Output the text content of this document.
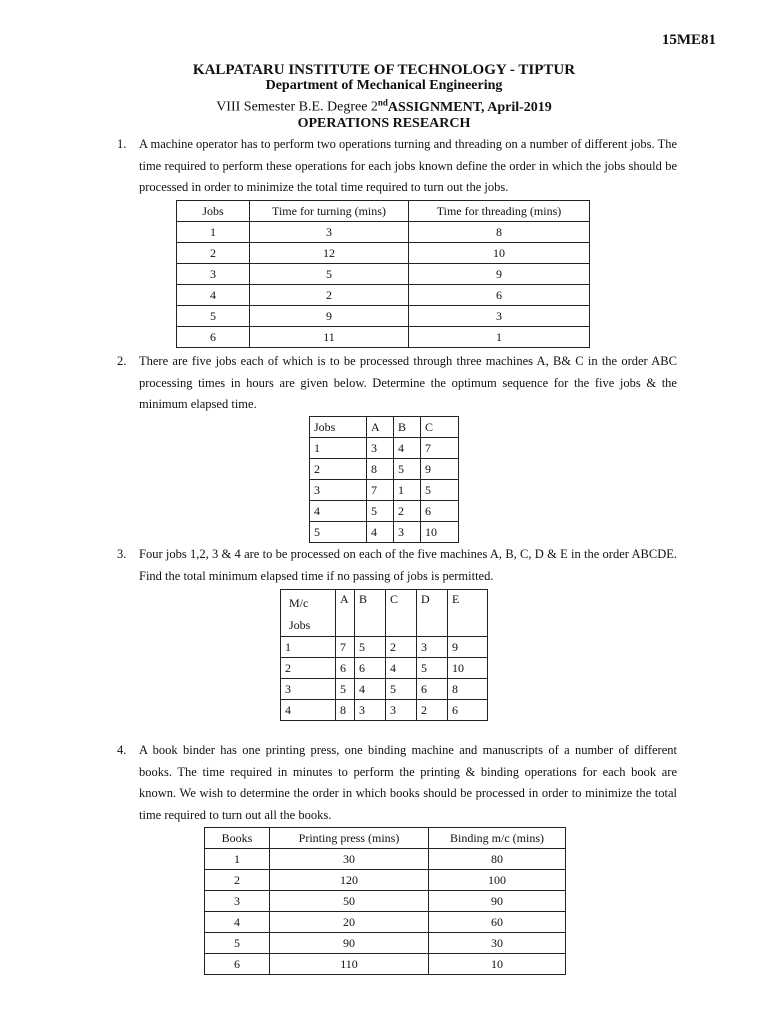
15ME81
KALPATARU INSTITUTE OF TECHNOLOGY - TIPTUR
Department of Mechanical Engineering
VIII Semester B.E. Degree 2ndASSIGNMENT, April-2019
OPERATIONS RESEARCH
1. A machine operator has to perform two operations turning and threading on a number of different jobs. The time required to perform these operations for each jobs known define the order in which the jobs should be processed in order to minimize the total time required to turn out the jobs.
Jobs	Time for turning (mins)	Time for threading (mins)
1	3	8
2	12	10
3	5	9
4	2	6
5	9	3
6	11	1
2. There are five jobs each of which is to be processed through three machines A, B& C in the order ABC processing times in hours are given below. Determine the optimum sequence for the five jobs & the minimum elapsed time.
Jobs	A	B	C
1	3	4	7
2	8	5	9
3	7	1	5
4	5	2	6
5	4	3	10
3. Four jobs 1,2, 3 & 4 are to be processed on each of the five machines A, B, C, D & E in the order ABCDE. Find the total minimum elapsed time if no passing of jobs is permitted.
M/c
Jobs	A	B	C	D	E
1	7	5	2	3	9
2	6	6	4	5	10
3	5	4	5	6	8
4	8	3	3	2	6
4. A book binder has one printing press, one binding machine and manuscripts of a number of different books. The time required in minutes to perform the printing & binding operations for each book are known. We wish to determine the order in which books should be processed in order to minimize the total time required to turn out all the books.
Books	Printing press (mins)	Binding m/c (mins)
1	30	80
2	120	100
3	50	90
4	20	60
5	90	30
6	110	10
